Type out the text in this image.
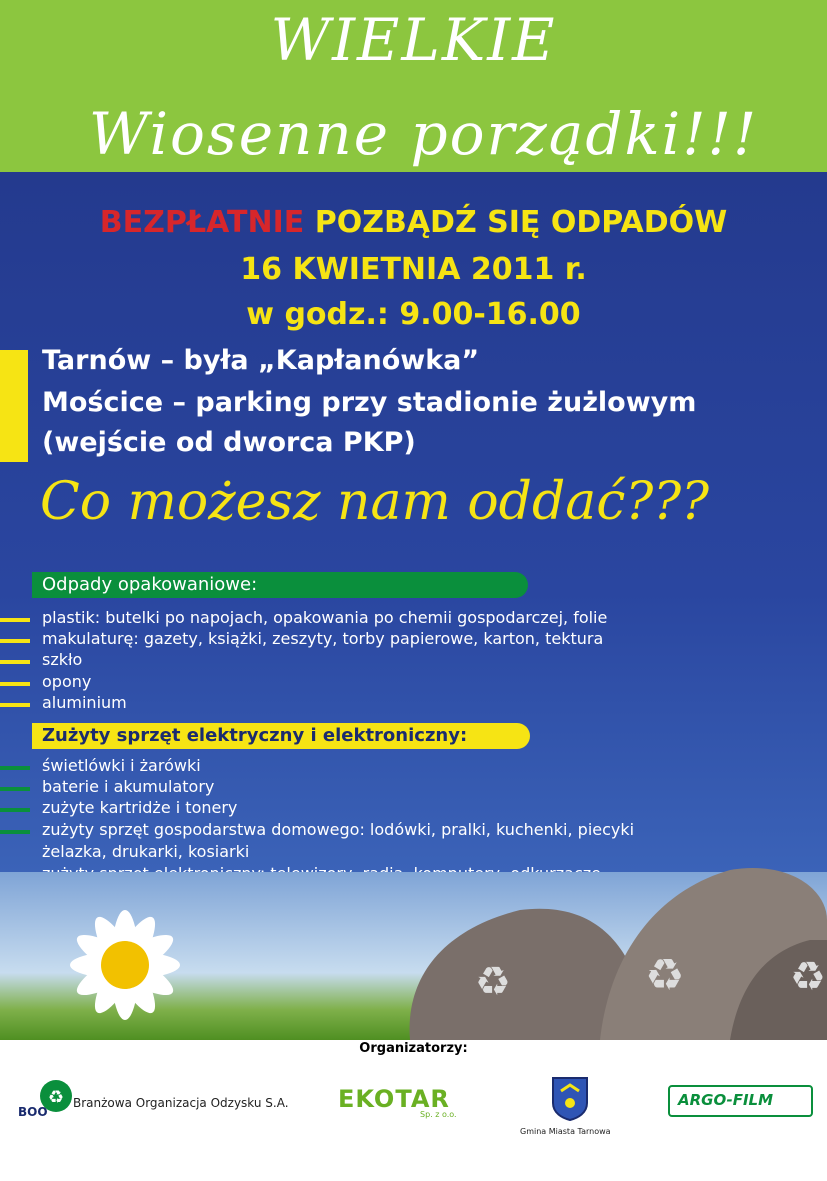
WIELKIE
Wiosenne porządki!!!
BEZPŁATNIE POZBĄDŹ SIĘ ODPADÓW
16 KWIETNIA 2011 r.
w godz.: 9.00-16.00
Tarnów – była „Kapłanówka”
Mościce – parking przy stadionie żużlowym
(wejście od dworca PKP)
Co możesz nam oddać???
Odpady opakowaniowe:
plastik: butelki po napojach, opakowania po chemii gospodarczej, folie
makulaturę: gazety, książki, zeszyty, torby papierowe, karton, tektura
szkło
opony
aluminium
Zużyty sprzęt elektryczny i elektroniczny:
świetlówki i żarówki
baterie i akumulatory
zużyte kartridże i tonery
zużyty sprzęt gospodarstwa domowego: lodówki, pralki, kuchenki, piecyki
żelazka, drukarki, kosiarki
♻	♻	♻
Organizatorzy:
♻
BOO
Branżowa Organizacja Odzysku S.A. EKOTAR
Sp. z o.o.
Gmina Miasta Tarnowa
ARGO-FILM
